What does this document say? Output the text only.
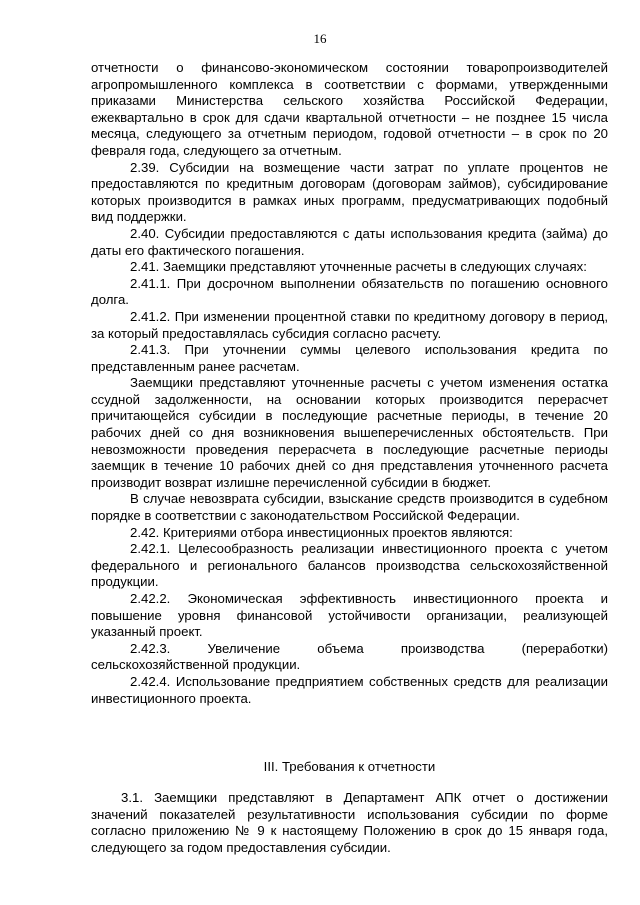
16

отчетности о финансово-экономическом состоянии товаропроизводителей агропромышленного комплекса в соответствии с формами, утвержденными приказами Министерства сельского хозяйства Российской Федерации, ежеквартально в срок для сдачи квартальной отчетности – не позднее 15 числа месяца, следующего за отчетным периодом, годовой отчетности – в срок по 20 февраля года, следующего за отчетным.

2.39. Субсидии на возмещение части затрат по уплате процентов не предоставляются по кредитным договорам (договорам займов), субсидирование которых производится в рамках иных программ, предусматривающих подобный вид поддержки.

2.40. Субсидии предоставляются с даты использования кредита (займа) до даты его фактического погашения.

2.41. Заемщики представляют уточненные расчеты в следующих случаях:

2.41.1. При досрочном выполнении обязательств по погашению основного долга.

2.41.2. При изменении процентной ставки по кредитному договору в период, за который предоставлялась субсидия согласно расчету.

2.41.3. При уточнении суммы целевого использования кредита по представленным ранее расчетам.

Заемщики представляют уточненные расчеты с учетом изменения остатка ссудной задолженности, на основании которых производится перерасчет причитающейся субсидии в последующие расчетные периоды, в течение 20 рабочих дней со дня возникновения вышеперечисленных обстоятельств. При невозможности проведения перерасчета в последующие расчетные периоды заемщик в течение 10 рабочих дней со дня представления уточненного расчета производит возврат излишне перечисленной субсидии в бюджет.

В случае невозврата субсидии, взыскание средств производится в судебном порядке в соответствии с законодательством Российской Федерации.

2.42. Критериями отбора инвестиционных проектов являются:

2.42.1. Целесообразность реализации инвестиционного проекта с учетом федерального и регионального балансов производства сельскохозяйственной продукции.

2.42.2. Экономическая эффективность инвестиционного проекта и повышение уровня финансовой устойчивости организации, реализующей указанный проект.

2.42.3. Увеличение объема производства (переработки) сельскохозяйственной продукции.

2.42.4. Использование предприятием собственных средств для реализации инвестиционного проекта.

III. Требования к отчетности

3.1. Заемщики представляют в Департамент АПК отчет о достижении значений показателей результативности использования субсидии по форме согласно приложению № 9 к настоящему Положению в срок до 15 января года, следующего за годом предоставления субсидии.
